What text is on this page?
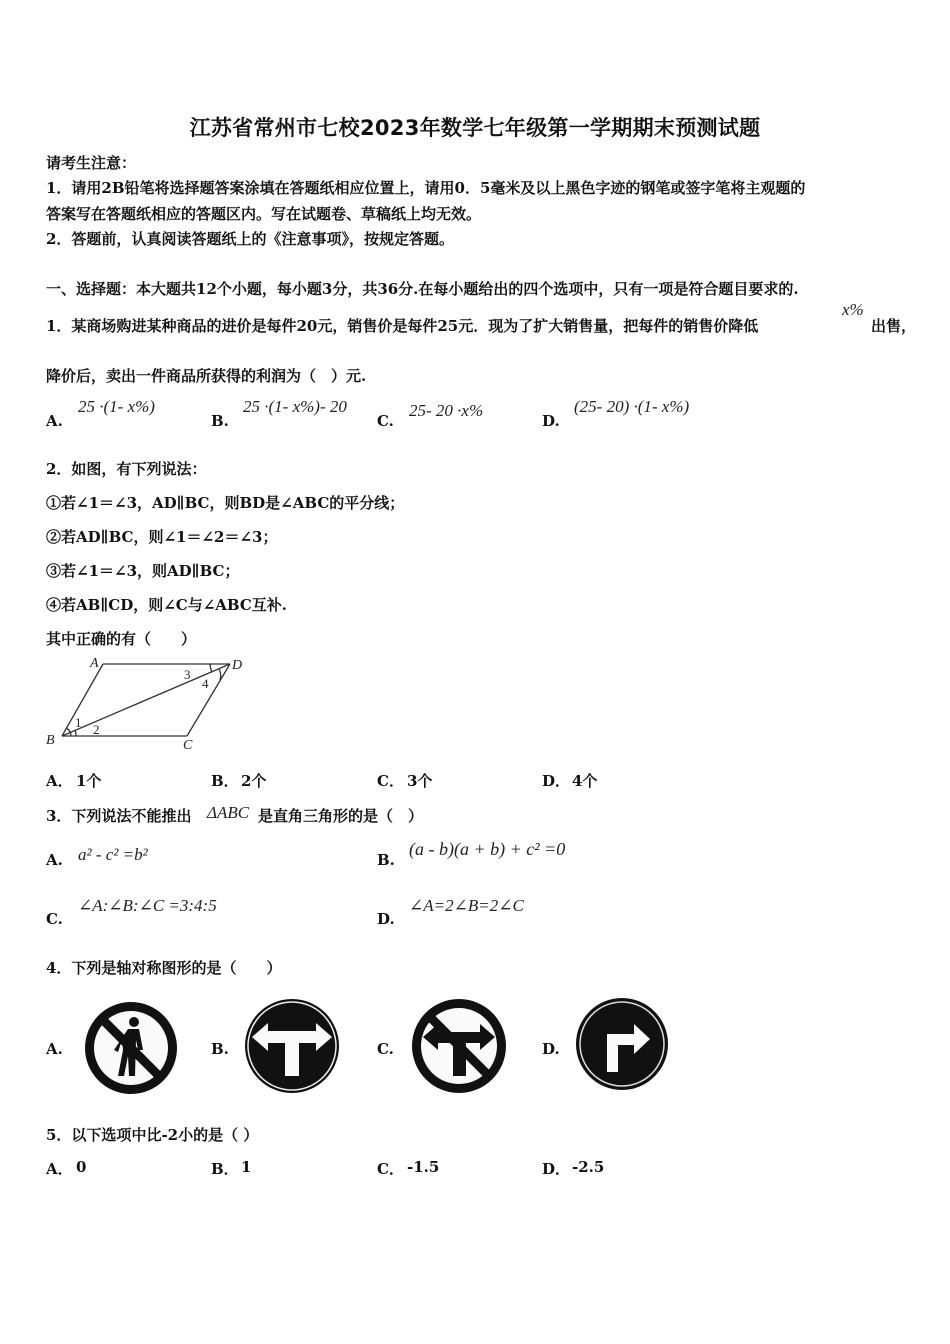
江苏省常州市七校2023年数学七年级第一学期期末预测试题
请考生注意：
1．请用2B铅笔将选择题答案涂填在答题纸相应位置上，请用0．5毫米及以上黑色字迹的钢笔或签字笔将主观题的
答案写在答题纸相应的答题区内。写在试题卷、草稿纸上均无效。
2．答题前，认真阅读答题纸上的《注意事项》，按规定答题。
一、选择题：本大题共12个小题，每小题3分，共36分.在每小题给出的四个选项中，只有一项是符合题目要求的.
1．某商场购进某种商品的进价是每件20元，销售价是每件25元．现为了扩大销售量，把每件的销售价降低
x%
出售，
降价后，卖出一件商品所获得的利润为（　）元.
A.
25 ·(1- x%)
B.
25 ·(1- x%)- 20
C.
25- 20 ·x%
D.
(25- 20) ·(1- x%)
2．如图，有下列说法：
①若∠1＝∠3，AD∥BC，则BD是∠ABC的平分线；
②若AD∥BC，则∠1＝∠2＝∠3；
③若∠1＝∠3，则AD∥BC；
④若AB∥CD，则∠C与∠ABC互补.
其中正确的有（　　）
A
B	C
D
1 2
3
4
A． 1个	B． 2个	C． 3个	D． 4个
3．下列说法不能推出 ΔABC 是直角三角形的是（　）
A. a² - c² =b²	B.
(a - b)(a + b) + c² =0
C.
∠A:∠B:∠C =3:4:5
D.
∠A=2∠B=2∠C
4．下列是轴对称图形的是（　　）
A.	B.	C.	D.
5．以下选项中比-2小的是（ ）
A． 0	B． 1	C． -1.5	D． -2.5
